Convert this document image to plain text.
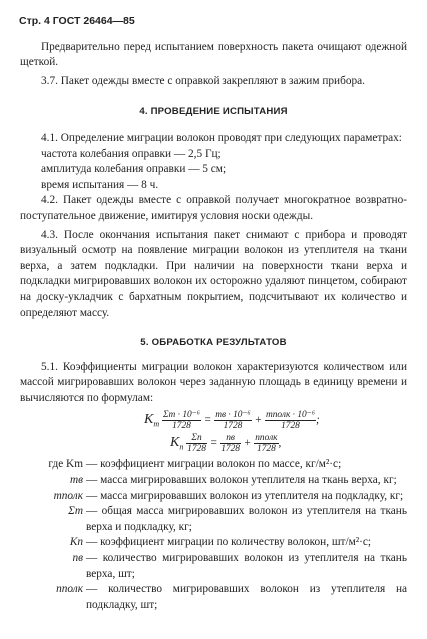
Стр. 4 ГОСТ 26464—85
Предварительно перед испытанием поверхность пакета очищают одежной щеткой.
3.7. Пакет одежды вместе с оправкой закрепляют в зажим прибора.
4. ПРОВЕДЕНИЕ ИСПЫТАНИЯ
4.1. Определение миграции волокон проводят при следующих параметрах:
частота колебания оправки — 2,5 Гц;
амплитуда колебания оправки — 5 см;
время испытания — 8 ч.
4.2. Пакет одежды вместе с оправкой получает многократное возвратно-поступательное движение, имитируя условия носки одежды.
4.3. После окончания испытания пакет снимают с прибора и проводят визуальный осмотр на появление миграции волокон из утеплителя на ткани верха, а затем подкладки. При наличии на поверхности ткани верха и подкладки мигрировавших волокон их осторожно удаляют пинцетом, собирают на доску-укладчик с бархатным покрытием, подсчитывают их количество и определяют массу.
5. ОБРАБОТКА РЕЗУЛЬТАТОВ
5.1. Коэффициенты миграции волокон характеризуются количеством или массой мигрировавших волокон через заданную площадь в единицу времени и вычисляются по формулам:
$K_m \frac{\text{Σm · 10⁻⁶}}{1728} = \frac{\text{mв · 10⁻⁶}}{1728} + \frac{\text{mполк · 10⁻⁶}}{1728}$ ;
$K_n \frac{\Sigma n}{1728} = \frac{nв}{1728} + \frac{\text{nполк}}{1728}$ ,
где Km — коэффициент миграции волокон по массе, кг/м²·с;
mв — масса мигрировавших волокон утеплителя на ткань верха, кг;
mполк — масса мигрировавших волокон из утеплителя на подкладку, кг;
Σm — общая масса мигрировавших волокон из утеплителя на ткань верха и подкладку, кг;
Kn — коэффициент миграции по количеству волокон, шт/м²·с;
nв — количество мигрировавших волокон из утеплителя на ткань верха, шт;
nполк — количество мигрировавших волокон из утеплителя на подкладку, шт;
